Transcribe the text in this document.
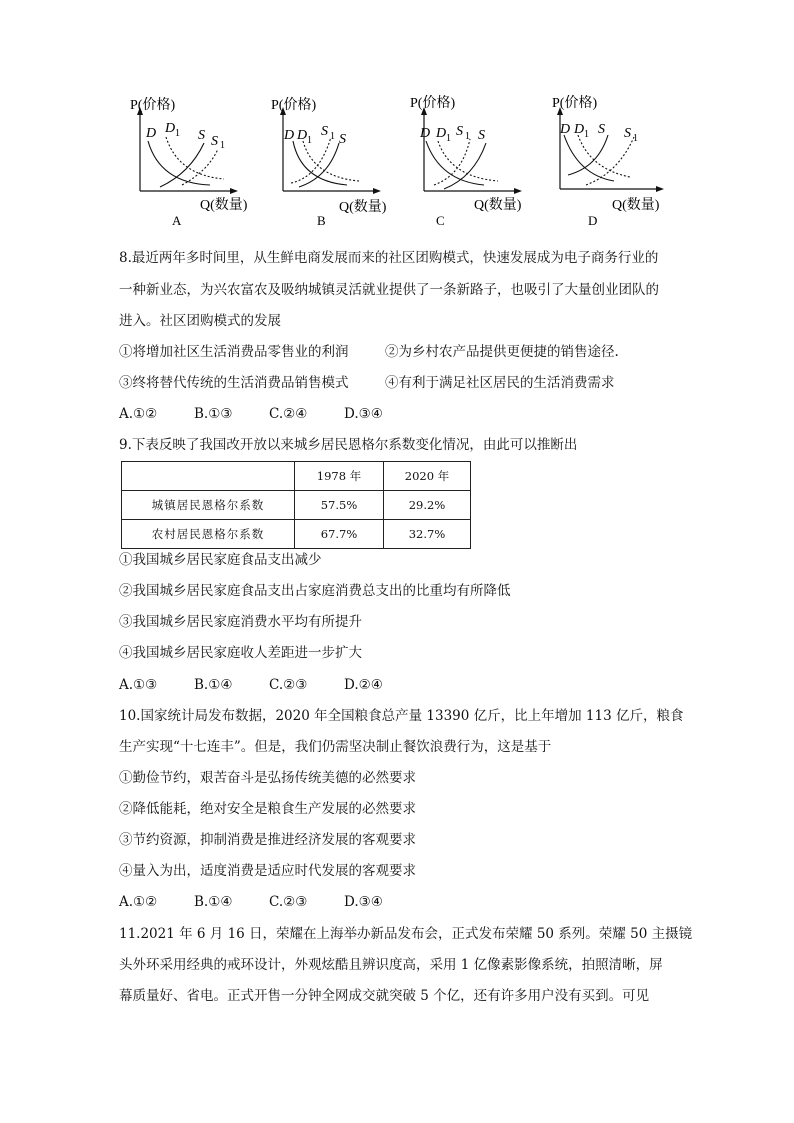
P(价格)
D D 1 S S 1
Q(数量)
A
P(价格)
D D 1
S 1 S
Q(数量)
B
P(价格)
D D 1 S 1 S
Q(数量)
C
P(价格)
D D 1 S S 1
Q(数量)
D
8.最近两年多时间里，从生鲜电商发展而来的社区团购模式，快速发展成为电子商务行业的
一种新业态，为兴农富农及吸纳城镇灵活就业提供了一条新路子，也吸引了大量创业团队的
进入。社区团购模式的发展
①将增加社区生活消费品零售业的利润	②为乡村农产品提供更便捷的销售途径.
③终将替代传统的生活消费品销售模式	④有利于满足社区居民的生活消费需求
A.①②	B.①③	C.②④	D.③④
9.下表反映了我国改开放以来城乡居民恩格尔系数变化情况，由此可以推断出
	1978 年	2020 年
城镇居民恩格尔系数	57.5%	29.2%
农村居民恩格尔系数	67.7%	32.7%
①我国城乡居民家庭食品支出减少
②我国城乡居民家庭食品支出占家庭消费总支出的比重均有所降低
③我国城乡居民家庭消费水平均有所提升
④我国城乡居民家庭收人差距进一步扩大
A.①③	B.①④	C.②③	D.②④
10.国家统计局发布数据，2020 年全国粮食总产量 13390 亿斤，比上年增加 113 亿斤，粮食
生产实现“十七连丰”。但是，我们仍需坚决制止餐饮浪费行为，这是基于
①勤俭节约，艰苦奋斗是弘扬传统美德的必然要求
②降低能耗，绝对安全是粮食生产发展的必然要求
③节约资源，抑制消费是推进经济发展的客观要求
④量入为出，适度消费是适应时代发展的客观要求
A.①②	B.①④	C.②③	D.③④
11.2021 年 6 月 16 日，荣耀在上海举办新品发布会，正式发布荣耀 50 系列。荣耀 50 主摄镜
头外环采用经典的戒环设计，外观炫酷且辨识度高，采用 1 亿像素影像系统，拍照清晰，屏
幕质量好、省电。正式开售一分钟全网成交就突破 5 个亿，还有许多用户没有买到。可见
